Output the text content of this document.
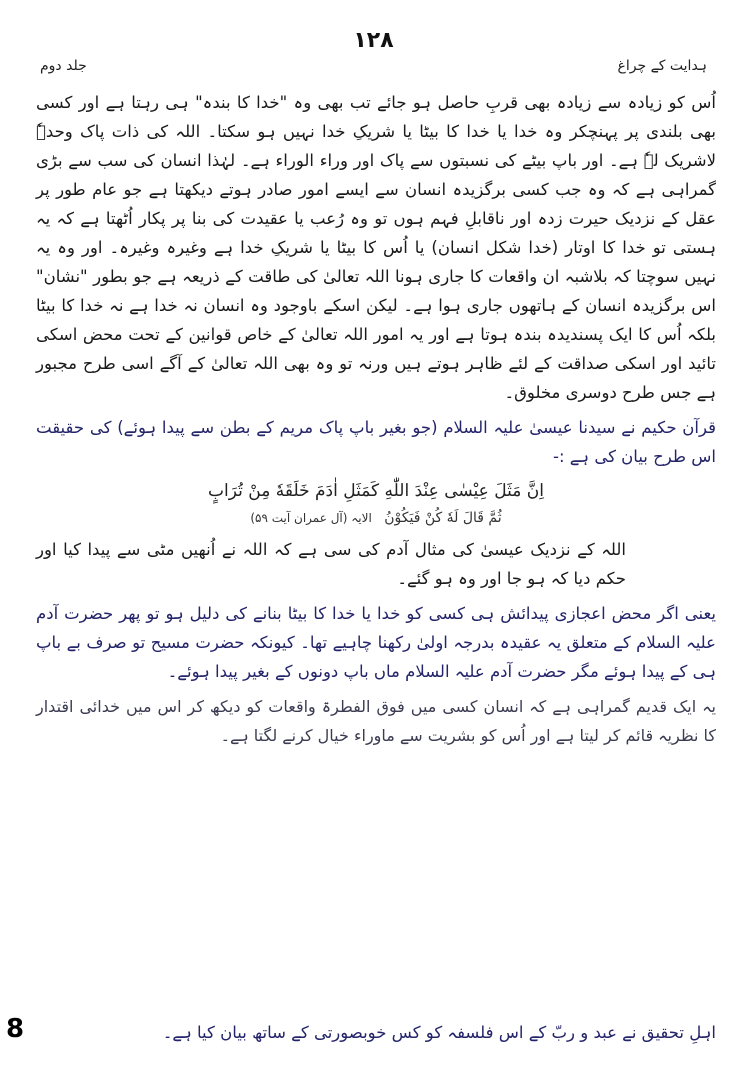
۱۲۸
ہدایت کے چراغ
جلد دوم

اُس کو زیادہ سے زیادہ بھی قربِ حاصل ہو جائے تب بھی وہ "خدا کا بندہ" ہی رہتا ہے اور کسی بھی بلندی پر پہنچکر وہ خدا یا خدا کا بیٹا یا شریکِ خدا نہیں ہو سکتا۔ اللہ کی ذات پاک وحدہٗ لاشریک لہٗ ہے۔ اور باپ بیٹے کی نسبتوں سے پاک اور وراء الوراء ہے۔ لہٰذا انسان کی سب سے بڑی گمراہی ہے کہ وہ جب کسی برگزیدہ انسان سے ایسے امور صادر ہوتے دیکھتا ہے جو عام طور پر عقل کے نزدیک حیرت زدہ اور ناقابلِ فہم ہوں تو وہ رُعب یا عقیدت کی بنا پر پکار اُٹھتا ہے کہ یہ ہستی تو خدا کا اوتار (خدا شکل انسان) یا اُس کا بیٹا یا شریکِ خدا ہے وغیرہ وغیرہ۔ اور وہ یہ نہیں سوچتا کہ بلاشبہ ان واقعات کا جاری ہونا اللہ تعالیٰ کی طاقت کے ذریعہ ہے جو بطور "نشان" اس برگزیدہ انسان کے ہاتھوں جاری ہوا ہے۔ لیکن اسکے باوجود وہ انسان نہ خدا ہے نہ خدا کا بیٹا بلکہ اُس کا ایک پسندیدہ بندہ ہوتا ہے اور یہ امور اللہ تعالیٰ کے خاص قوانین کے تحت محض اسکی تائید اور اسکی صداقت کے لئے ظاہر ہوتے ہیں ورنہ تو وہ بھی اللہ تعالیٰ کے آگے اسی طرح مجبور ہے جس طرح دوسری مخلوق۔

قرآن حکیم نے سیدنا عیسیٰ علیہ السلام (جو بغیر باپ پاک مریم کے بطن سے پیدا ہوئے) کی حقیقت اس طرح بیان کی ہے :-

اِنَّ مَثَلَ عِیْسٰی عِنْدَ اللّٰهِ كَمَثَلِ اٰدَمَ خَلَقَهٗ مِنْ تُرَابٍ

ثُمَّ قَالَ لَهٗ كُنْ فَيَكُوْنُ الایہ (آل عمران آیت ۵۹)

اللہ کے نزدیک عیسیٰ کی مثال آدم کی سی ہے کہ اللہ نے اُنھیں مٹی سے پیدا کیا اور حکم دیا کہ ہو جا اور وہ ہو گئے۔

یعنی اگر محض اعجازی پیدائش ہی کسی کو خدا یا خدا کا بیٹا بنانے کی دلیل ہو تو پھر حضرت آدم علیہ السلام کے متعلق یہ عقیدہ بدرجہ اولیٰ رکھنا چاہیے تھا۔ کیونکہ حضرت مسیح تو صرف بے باپ ہی کے پیدا ہوئے مگر حضرت آدم علیہ السلام ماں باپ دونوں کے بغیر پیدا ہوئے۔

یہ ایک قدیم گمراہی ہے کہ انسان کسی میں فوق الفطرۃ واقعات کو دیکھ کر اس میں خدائی اقتدار کا نظریہ قائم کر لیتا ہے اور اُس کو بشریت سے ماوراء خیال کرنے لگتا ہے۔

اہلِ تحقیق نے عبد و ربّ کے اس فلسفہ کو کس خوبصورتی کے ساتھ بیان کیا ہے۔

8
